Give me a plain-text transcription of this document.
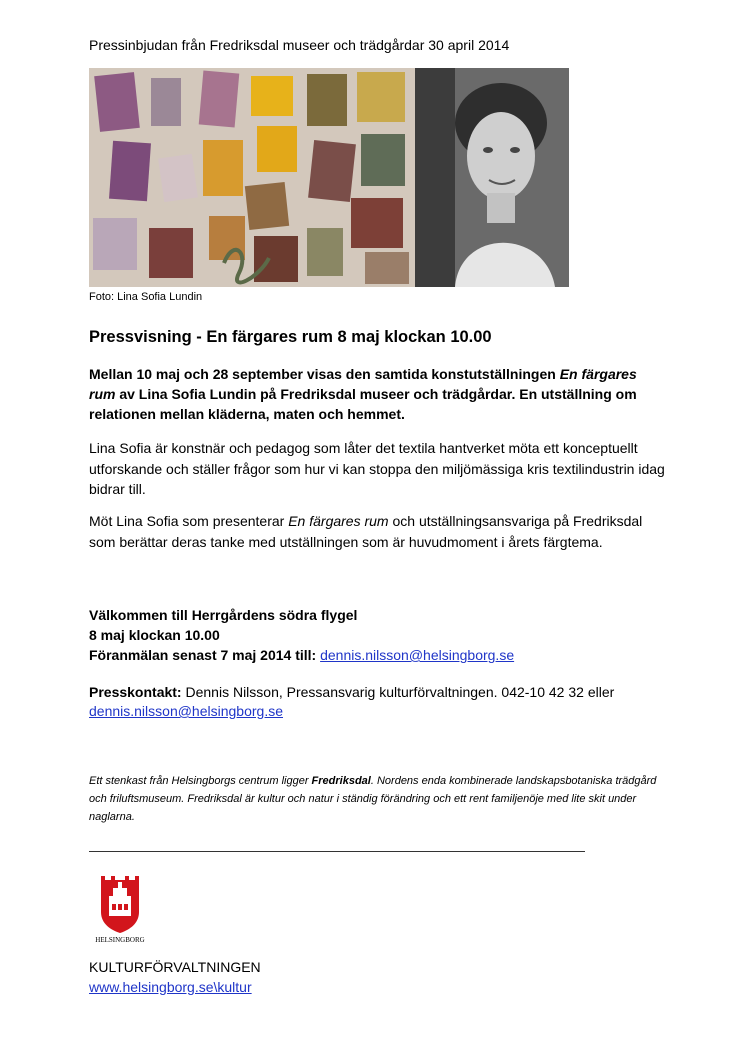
Pressinbjudan från Fredriksdal museer och trädgårdar 30 april 2014
Foto: Lina Sofia Lundin
Pressvisning - En färgares rum 8 maj klockan 10.00
Mellan 10 maj och 28 september visas den samtida konstutställningen En färgares rum av Lina Sofia Lundin på Fredriksdal museer och trädgårdar. En utställning om relationen mellan kläderna, maten och hemmet.
Lina Sofia är konstnär och pedagog som låter det textila hantverket möta ett konceptuellt utforskande och ställer frågor som hur vi kan stoppa den miljömässiga kris textilindustrin idag bidrar till.
Möt Lina Sofia som presenterar En färgares rum och utställningsansvariga på Fredriksdal som berättar deras tanke med utställningen som är huvudmoment i årets färgtema.
Välkommen till Herrgårdens södra flygel
8 maj klockan 10.00
Föranmälan senast 7 maj 2014 till: dennis.nilsson@helsingborg.se
Presskontakt: Dennis Nilsson, Pressansvarig kulturförvaltningen. 042-10 42 32 eller
dennis.nilsson@helsingborg.se
Ett stenkast från Helsingborgs centrum ligger Fredriksdal. Nordens enda kombinerade landskapsbotaniska trädgård och friluftsmuseum. Fredriksdal är kultur och natur i ständig förändring och ett rent familjenöje med lite skit under naglarna.
HELSINGBORG
KULTURFÖRVALTNINGEN
www.helsingborg.se\kultur
